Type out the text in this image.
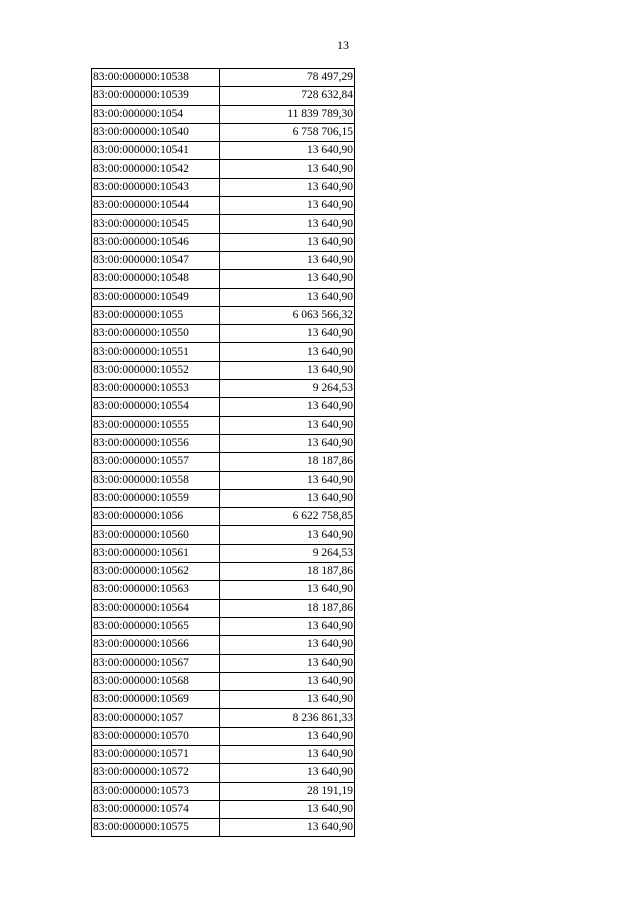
13
83:00:000000:10538	78 497,29
83:00:000000:10539	728 632,84
83:00:000000:1054	11 839 789,30
83:00:000000:10540	6 758 706,15
83:00:000000:10541	13 640,90
83:00:000000:10542	13 640,90
83:00:000000:10543	13 640,90
83:00:000000:10544	13 640,90
83:00:000000:10545	13 640,90
83:00:000000:10546	13 640,90
83:00:000000:10547	13 640,90
83:00:000000:10548	13 640,90
83:00:000000:10549	13 640,90
83:00:000000:1055	6 063 566,32
83:00:000000:10550	13 640,90
83:00:000000:10551	13 640,90
83:00:000000:10552	13 640,90
83:00:000000:10553	9 264,53
83:00:000000:10554	13 640,90
83:00:000000:10555	13 640,90
83:00:000000:10556	13 640,90
83:00:000000:10557	18 187,86
83:00:000000:10558	13 640,90
83:00:000000:10559	13 640,90
83:00:000000:1056	6 622 758,85
83:00:000000:10560	13 640,90
83:00:000000:10561	9 264,53
83:00:000000:10562	18 187,86
83:00:000000:10563	13 640,90
83:00:000000:10564	18 187,86
83:00:000000:10565	13 640,90
83:00:000000:10566	13 640,90
83:00:000000:10567	13 640,90
83:00:000000:10568	13 640,90
83:00:000000:10569	13 640,90
83:00:000000:1057	8 236 861,33
83:00:000000:10570	13 640,90
83:00:000000:10571	13 640,90
83:00:000000:10572	13 640,90
83:00:000000:10573	28 191,19
83:00:000000:10574	13 640,90
83:00:000000:10575	13 640,90
